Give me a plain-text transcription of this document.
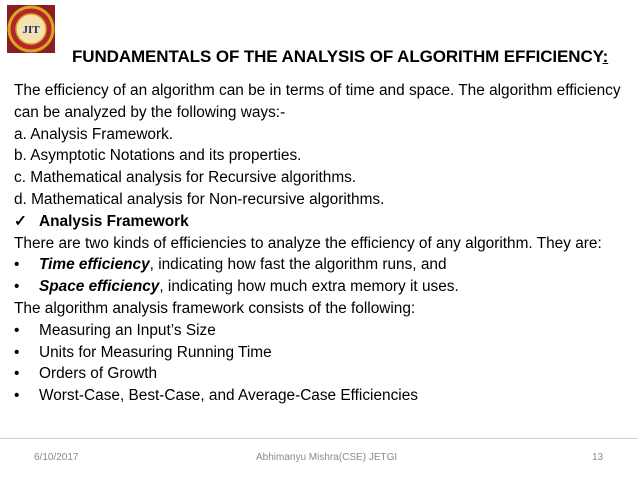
JIT
FUNDAMENTALS OF THE ANALYSIS OF ALGORITHM EFFICIENCY:
The efficiency of an algorithm can be in terms of time and space. The algorithm efficiency can be analyzed by the following ways:-
a. Analysis Framework.
b. Asymptotic Notations and its properties.
c. Mathematical analysis for Recursive algorithms.
d. Mathematical analysis for Non-recursive algorithms.
✓ Analysis Framework
There are two kinds of efficiencies to analyze the efficiency of any algorithm. They are:
• Time efficiency, indicating how fast the algorithm runs, and
• Space efficiency, indicating how much extra memory it uses.
The algorithm analysis framework consists of the following:
• Measuring an Input’s Size
• Units for Measuring Running Time
• Orders of Growth
• Worst-Case, Best-Case, and Average-Case Efficiencies
6/10/2017	Abhimanyu Mishra(CSE) JETGI	13
